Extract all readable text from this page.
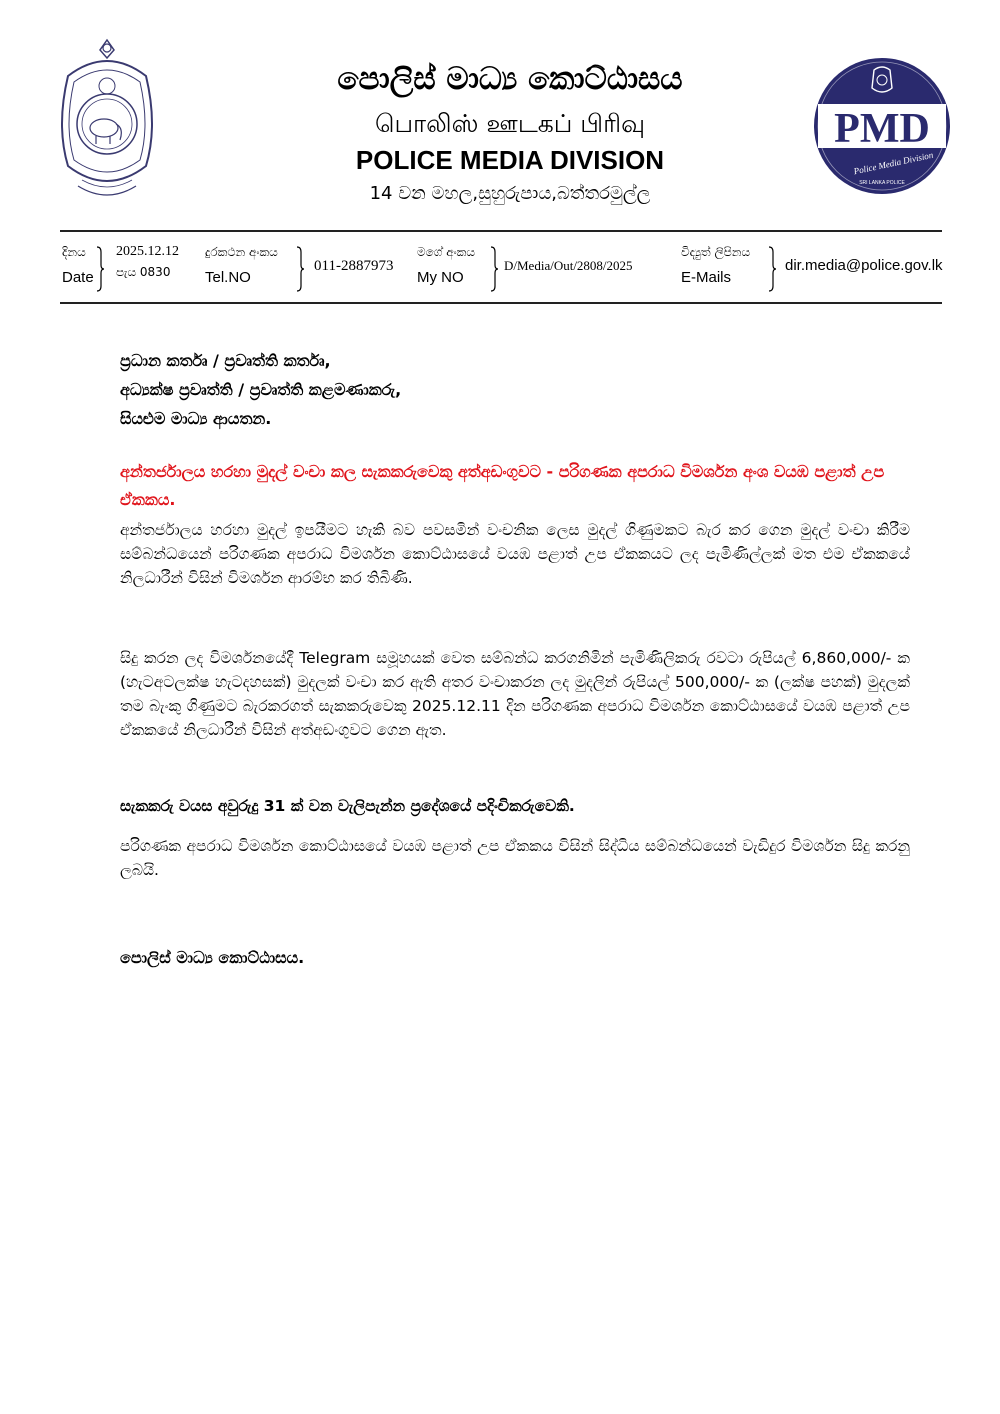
පොලිස් මාධ්‍ය කොට්ඨාසය
பொலிஸ் ஊடகப் பிரிவு
POLICE MEDIA DIVISION
14 වන මහල,සුහුරුපාය,බත්තරමුල්ල
PMD
Police Media Division
SRI LANKA POLICE
දිනය
Date
2025.12.12
පැය 0830
දුරකථන අංකය
Tel.NO
011-2887973
මගේ අංකය
My NO
D/Media/Out/2808/2025
විද්‍යුත් ලිපිනය
E-Mails
dir.media@police.gov.lk
ප්‍රධාන කර්තෘ / ප්‍රවෘත්ති කර්තෘ,
අධ්‍යක්ෂ ප්‍රවෘත්ති / ප්‍රවෘත්ති කළමණාකරු,
සියළුම මාධ්‍ය ආයතන.
අන්තර්ජාලය හරහා මුදල් වංචා කල සැකකරුවෙකු අත්අඩංගුවට - පරිගණක අපරාධ විමර්ශන අංශ වයඹ පළාත් උප ඒකකය.
අන්තර්ජාලය හරහා මුදල් ඉපයීමට හැකි බව පවසමින් වංචනික ලෙස මුදල් ගිණුමකට බැර කර ගෙන මුදල් වංචා කිරීම සම්බන්ධයෙන් පරිගණක අපරාධ විමර්ශන කොට්ඨාසයේ වයඹ පළාත් උප ඒකකයට ලද පැමිණිල්ලක් මත එම ඒකකයේ නිලධාරීන් විසින් විමර්ශන ආරම්භ කර තිබිණි.
සිදු කරන ලද විමර්ශනයේදී Telegram සමූහයක් වෙත සම්බන්ධ කරගනිමින් පැමිණිලිකරු රවටා රුපියල් 6,860,000/- ක (හැටඅටලක්ෂ හැටදහසක්) මුදලක් වංචා කර ඇති අතර වංචාකරන ලද මුදලින් රුපියල් 500,000/- ක (ලක්ෂ පහක්) මුදලක් තම බැංකු ගිණුමට බැරකරගත් සැකකරුවෙකු 2025.12.11 දින පරිගණක අපරාධ විමර්ශන කොට්ඨාසයේ වයඹ පළාත් උප ඒකකයේ නිලධාරීන් විසින් අත්අඩංගුවට ගෙන ඇත.
සැකකරු වයස අවුරුදු 31 ක් වන වැලිපැන්න ප්‍රදේශයේ පදිංචිකරුවෙකි.
පරිගණක අපරාධ විමර්ශන කොට්ඨාසයේ වයඹ පළාත් උප ඒකකය විසින් සිද්ධිය සම්බන්ධයෙන් වැඩිදුර විමර්ශන සිදු කරනු ලබයි.
පොලිස් මාධ්‍ය කොට්ඨාසය.
